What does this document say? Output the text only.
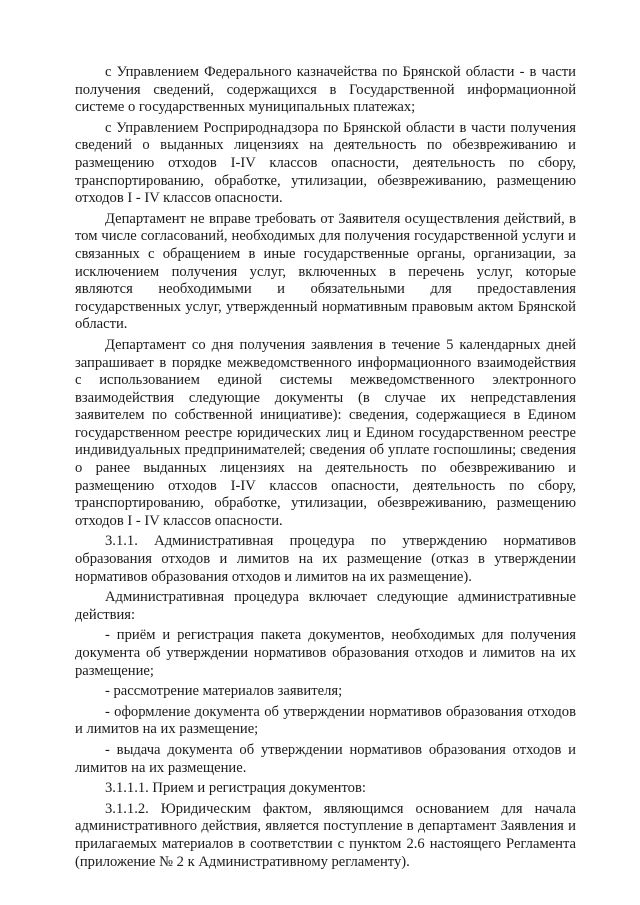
с Управлением Федерального казначейства по Брянской области - в части получения сведений, содержащихся в Государственной информационной системе о государственных муниципальных платежах;

с Управлением Росприроднадзора по Брянской области в части получения сведений о выданных лицензиях на деятельность по обезвреживанию и размещению отходов I-IV классов опасности, деятельность по сбору, транспортированию, обработке, утилизации, обезвреживанию, размещению отходов I - IV классов опасности.

Департамент не вправе требовать от Заявителя осуществления действий, в том числе согласований, необходимых для получения государственной услуги и связанных с обращением в иные государственные органы, организации, за исключением получения услуг, включенных в перечень услуг, которые являются необходимыми и обязательными для предоставления государственных услуг, утвержденный нормативным правовым актом Брянской области.

Департамент со дня получения заявления в течение 5 календарных дней запрашивает в порядке межведомственного информационного взаимодействия с использованием единой системы межведомственного электронного взаимодействия следующие документы (в случае их непредставления заявителем по собственной инициативе): сведения, содержащиеся в Едином государственном реестре юридических лиц и Едином государственном реестре индивидуальных предпринимателей; сведения об уплате госпошлины; сведения о ранее выданных лицензиях на деятельность по обезвреживанию и размещению отходов I-IV классов опасности, деятельность по сбору, транспортированию, обработке, утилизации, обезвреживанию, размещению отходов I - IV классов опасности.

3.1.1. Административная процедура по утверждению нормативов образования отходов и лимитов на их размещение (отказ в утверждении нормативов образования отходов и лимитов на их размещение).

Административная процедура включает следующие административные действия:

- приём и регистрация пакета документов, необходимых для получения документа об утверждении нормативов образования отходов и лимитов на их размещение;

- рассмотрение материалов заявителя;

- оформление документа об утверждении нормативов образования отходов и лимитов на их размещение;

- выдача документа об утверждении нормативов образования отходов и лимитов на их размещение.

3.1.1.1. Прием и регистрация документов:

3.1.1.2. Юридическим фактом, являющимся основанием для начала административного действия, является поступление в департамент Заявления и прилагаемых материалов в соответствии с пунктом 2.6 настоящего Регламента (приложение № 2 к Административному регламенту).
